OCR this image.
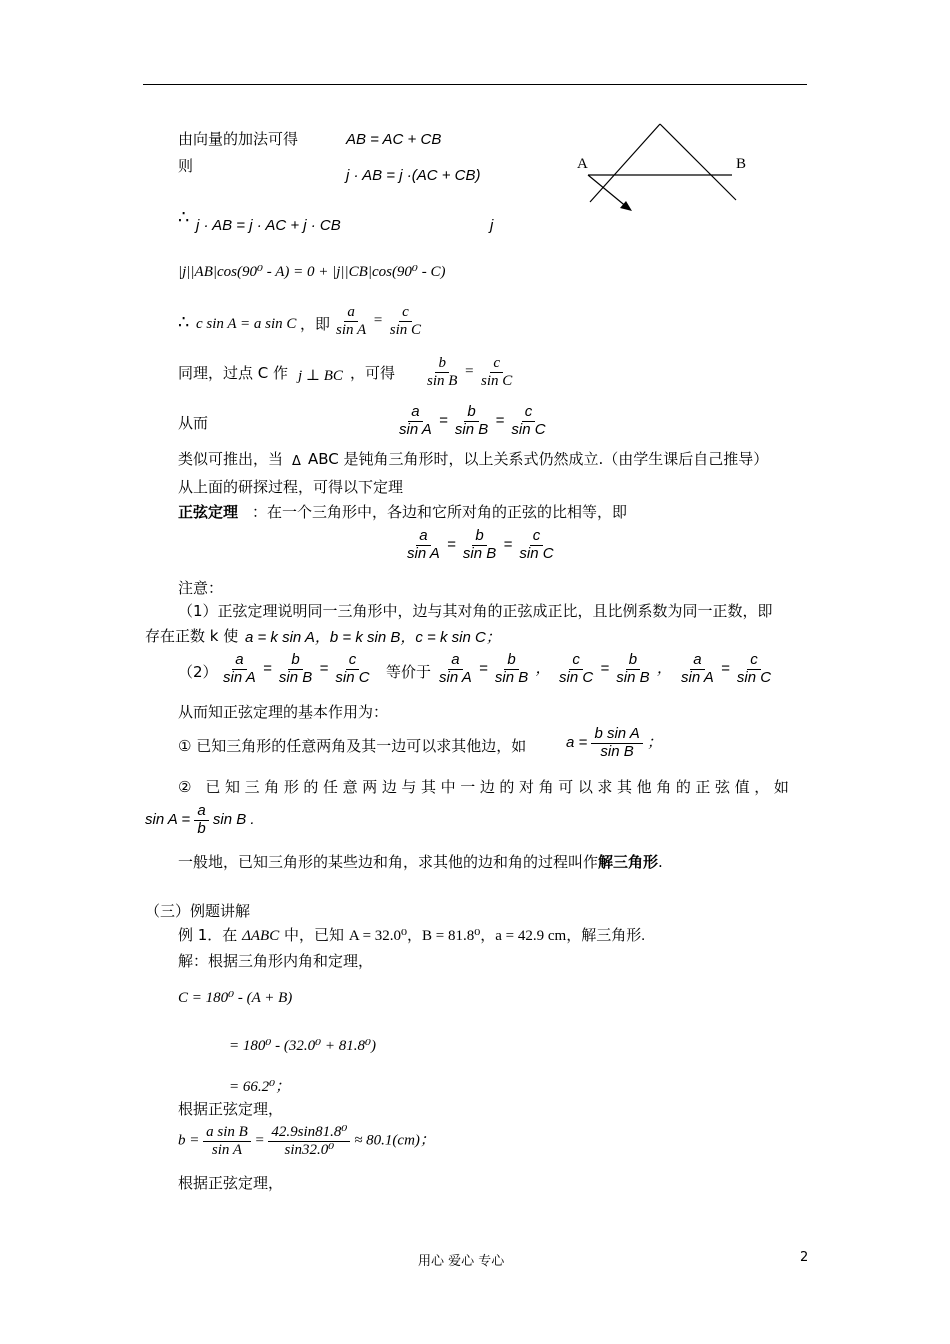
A	B
由向量的加法可得
则
AB = AC + CB
j · AB = j ·(AC + CB)
∴ j · AB = j · AC + j · CB	j
|j||AB|cos(90⁰ - A) = 0 + |j||CB|cos(90⁰ - C)
∴ c sin A = a sin C ，即 $\frac{a}{\text{sin A}} = \frac{c}{\text{sin C}}$
同理，过点 C 作 j ⊥ BC ，可得 $\frac{b}{\text{sin B}} = \frac{c}{\text{sin C}}$
从而	$\frac{a}{\text{sin A}} = \frac{b}{\text{sin B}} = \frac{c}{\text{sin C}}$
类似可推出，当 Δ ABC 是钝角三角形时，以上关系式仍然成立.（由学生课后自己推导）
从上面的研探过程，可得以下定理
正弦定理 ：在一个三角形中，各边和它所对角的正弦的比相等，即
$\frac{a}{\text{sin A}} = \frac{b}{\text{sin B}} = \frac{c}{\text{sin C}}$
注意：
（1）正弦定理说明同一三角形中，边与其对角的正弦成正比，且比例系数为同一正数，即
存在正数 k 使 a = k sin A，b = k sin B，c = k sin C；
$(2) \frac{a}{\text{sin A}} = \frac{b}{\text{sin B}} = \frac{c}{\text{sin C}}$ 等价于 $\frac{a}{\text{sin A}} = \frac{b}{\text{sin B}}$ ， $\frac{c}{\text{sin C}} = \frac{b}{\text{sin B}}$ ， $\frac{a}{\text{sin A}} = \frac{c}{\text{sin C}}$
从而知正弦定理的基本作用为：
① 已知三角形的任意两角及其一边可以求其他边，如	$a = \frac{\text{b sin A}}{\text{sin B}}$ ；
② 已知三角形的任意两边与其中一边的对角可以求其他角的正弦值，如
$\sin A = \frac{a}{b}$ sin B .
一般地，已知三角形的某些边和角，求其他的边和角的过程叫作解三角形.
（三）例题讲解
例 1．在 ΔABC 中，已知 A = 32.0⁰，B = 81.8⁰，a = 42.9 cm，解三角形.
解：根据三角形内角和定理，
C = 180⁰ - (A + B)
= 180⁰ - (32.0⁰ + 81.8⁰)
= 66.2⁰；
根据正弦定理，
$b = \frac{\text{a sin B}}{\text{sin A}} = \frac{\text{42.9sin81.8⁰}}{\text{sin32.0⁰}} \approx 80.1(cm)$；
根据正弦定理，
用心 爱心 专心	2
